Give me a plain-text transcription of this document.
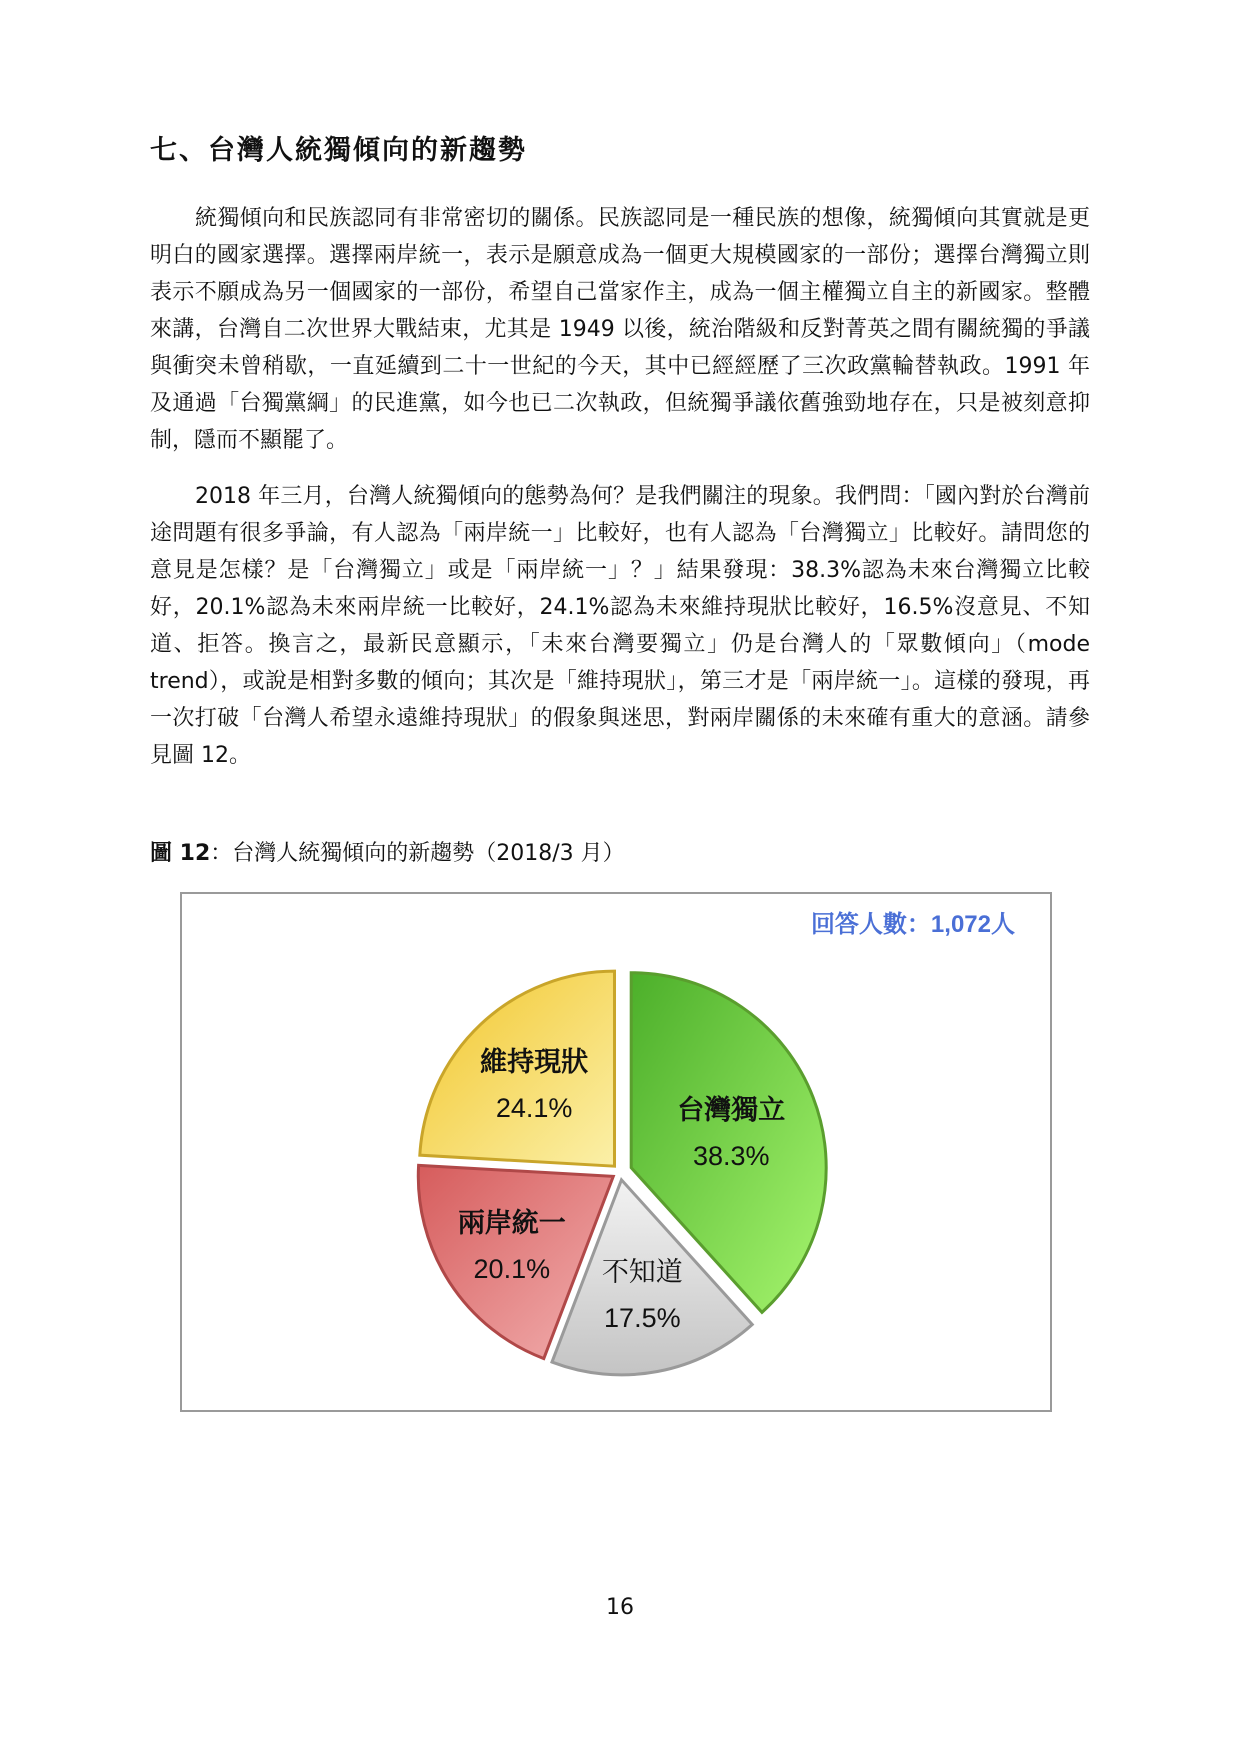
七、台灣人統獨傾向的新趨勢

統獨傾向和民族認同有非常密切的關係。民族認同是一種民族的想像，統獨傾向其實就是更明白的國家選擇。選擇兩岸統一，表示是願意成為一個更大規模國家的一部份；選擇台灣獨立則表示不願成為另一個國家的一部份，希望自己當家作主，成為一個主權獨立自主的新國家。整體來講，台灣自二次世界大戰結束，尤其是 1949 以後，統治階級和反對菁英之間有關統獨的爭議與衝突未曾稍歇，一直延續到二十一世紀的今天，其中已經經歷了三次政黨輪替執政。1991 年及通過「台獨黨綱」的民進黨，如今也已二次執政，但統獨爭議依舊強勁地存在，只是被刻意抑制，隱而不顯罷了。

2018 年三月，台灣人統獨傾向的態勢為何？是我們關注的現象。我們問：「國內對於台灣前途問題有很多爭論，有人認為「兩岸統一」比較好，也有人認為「台灣獨立」比較好。請問您的意見是怎樣？是「台灣獨立」或是「兩岸統一」？」結果發現：38.3%認為未來台灣獨立比較好，20.1%認為未來兩岸統一比較好，24.1%認為未來維持現狀比較好，16.5%沒意見、不知道、拒答。換言之，最新民意顯示，「未來台灣要獨立」仍是台灣人的「眾數傾向」（mode trend），或說是相對多數的傾向；其次是「維持現狀」，第三才是「兩岸統一」。這樣的發現，再一次打破「台灣人希望永遠維持現狀」的假象與迷思，對兩岸關係的未來確有重大的意涵。請參見圖 12。

圖 12：台灣人統獨傾向的新趨勢（2018/3 月）

台灣獨立
38.3%
不知道
17.5%
兩岸統一
20.1%
維持現狀
24.1%
回答人數：1,072人
16
